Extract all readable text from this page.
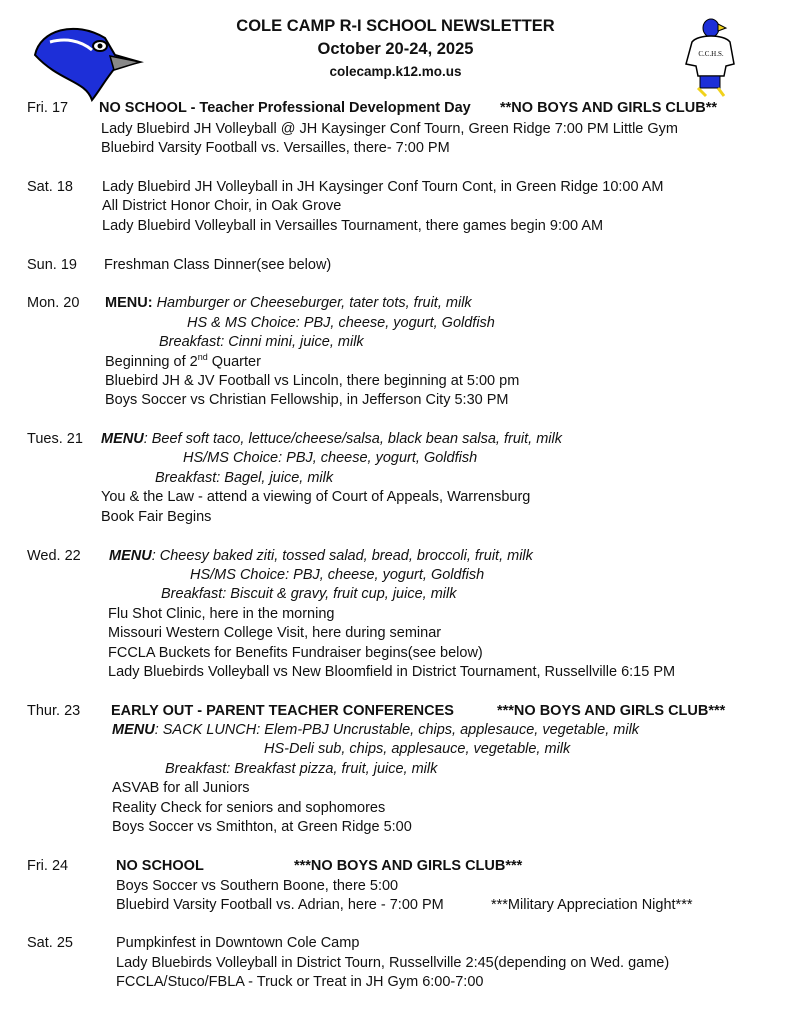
C.C.H.S.
COLE CAMP R-I SCHOOL NEWSLETTER
October 20-24, 2025
colecamp.k12.mo.us
Fri. 17 NO SCHOOL - Teacher Professional Development Day **NO BOYS AND GIRLS CLUB**
Lady Bluebird JH Volleyball @ JH Kaysinger Conf Tourn, Green Ridge 7:00 PM Little Gym
Bluebird Varsity Football vs. Versailles, there- 7:00 PM
Sat. 18 Lady Bluebird JH Volleyball in JH Kaysinger Conf Tourn Cont, in Green Ridge 10:00 AM
All District Honor Choir, in Oak Grove
Lady Bluebird Volleyball in Versailles Tournament, there games begin 9:00 AM
Sun. 19 Freshman Class Dinner(see below)
Mon. 20 MENU: Hamburger or Cheeseburger, tater tots, fruit, milk
HS & MS Choice: PBJ, cheese, yogurt, Goldfish
Breakfast: Cinni mini, juice, milk
Beginning of 2nd Quarter
Bluebird JH & JV Football vs Lincoln, there beginning at 5:00 pm
Boys Soccer vs Christian Fellowship, in Jefferson City 5:30 PM
Tues. 21 MENU: Beef soft taco, lettuce/cheese/salsa, black bean salsa, fruit, milk
HS/MS Choice: PBJ, cheese, yogurt, Goldfish
Breakfast: Bagel, juice, milk
You & the Law - attend a viewing of Court of Appeals, Warrensburg
Book Fair Begins
Wed. 22 MENU: Cheesy baked ziti, tossed salad, bread, broccoli, fruit, milk
HS/MS Choice: PBJ, cheese, yogurt, Goldfish
Breakfast: Biscuit & gravy, fruit cup, juice, milk
Flu Shot Clinic, here in the morning
Missouri Western College Visit, here during seminar
FCCLA Buckets for Benefits Fundraiser begins(see below)
Lady Bluebirds Volleyball vs New Bloomfield in District Tournament, Russellville 6:15 PM
Thur. 23 EARLY OUT - PARENT TEACHER CONFERENCES	***NO BOYS AND GIRLS CLUB***
MENU: SACK LUNCH: Elem-PBJ Uncrustable, chips, applesauce, vegetable, milk
HS-Deli sub, chips, applesauce, vegetable, milk
Breakfast: Breakfast pizza, fruit, juice, milk
ASVAB for all Juniors
Reality Check for seniors and sophomores
Boys Soccer vs Smithton, at Green Ridge 5:00
Fri. 24	NO SCHOOL	***NO BOYS AND GIRLS CLUB***
Boys Soccer vs Southern Boone, there 5:00
Bluebird Varsity Football vs. Adrian, here - 7:00 PM	***Military Appreciation Night***
Sat. 25	Pumpkinfest in Downtown Cole Camp
Lady Bluebirds Volleyball in District Tourn, Russellville 2:45(depending on Wed. game)
FCCLA/Stuco/FBLA - Truck or Treat in JH Gym 6:00-7:00
